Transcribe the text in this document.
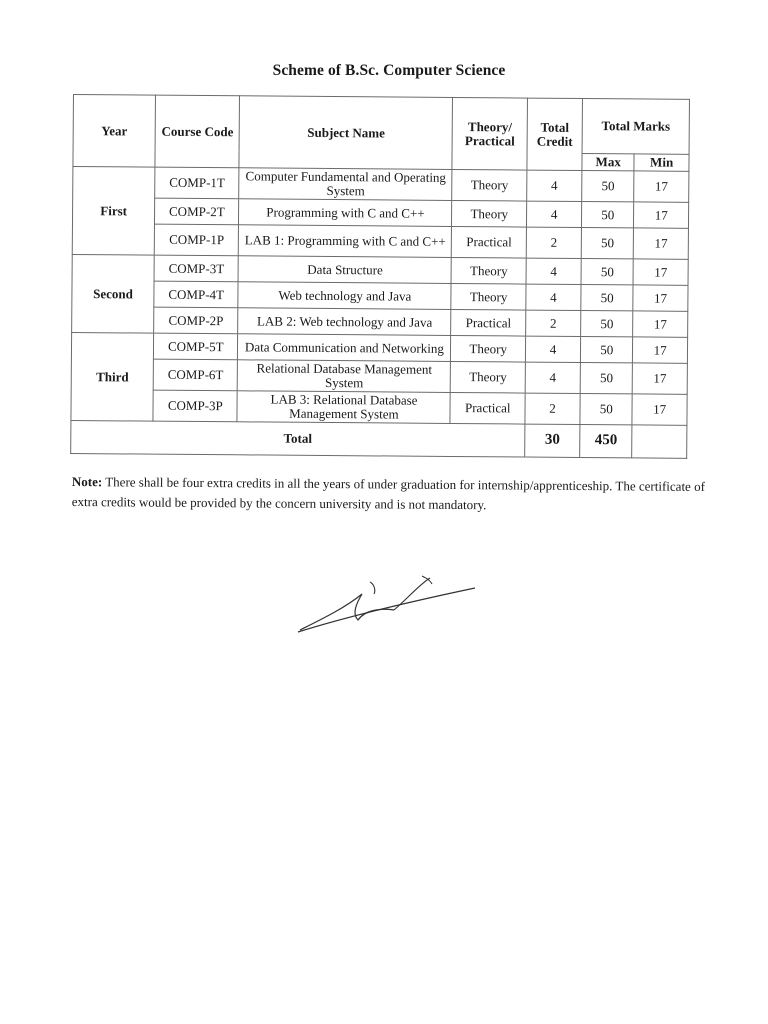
Scheme of B.Sc. Computer Science
Year	Course Code	Subject Name	Theory/ Practical	Total Credit	Total Marks	
					Max	Min
First	COMP-1T	Computer Fundamental and Operating System	Theory	4	50	17
	COMP-2T	Programming with C and C++	Theory	4	50	17
	COMP-1P	LAB 1: Programming with C and C++	Practical	2	50	17
Second	COMP-3T	Data Structure	Theory	4	50	17
	COMP-4T	Web technology and Java	Theory	4	50	17
	COMP-2P	LAB 2: Web technology and Java	Practical	2	50	17
Third	COMP-5T	Data Communication and Networking	Theory	4	50	17
	COMP-6T	Relational Database Management System	Theory	4	50	17
	COMP-3P	LAB 3: Relational Database Management System	Practical	2	50	17
Total				30	450	
Note: There shall be four extra credits in all the years of under graduation for internship/apprenticeship. The certificate of extra credits would be provided by the concern university and is not mandatory.
